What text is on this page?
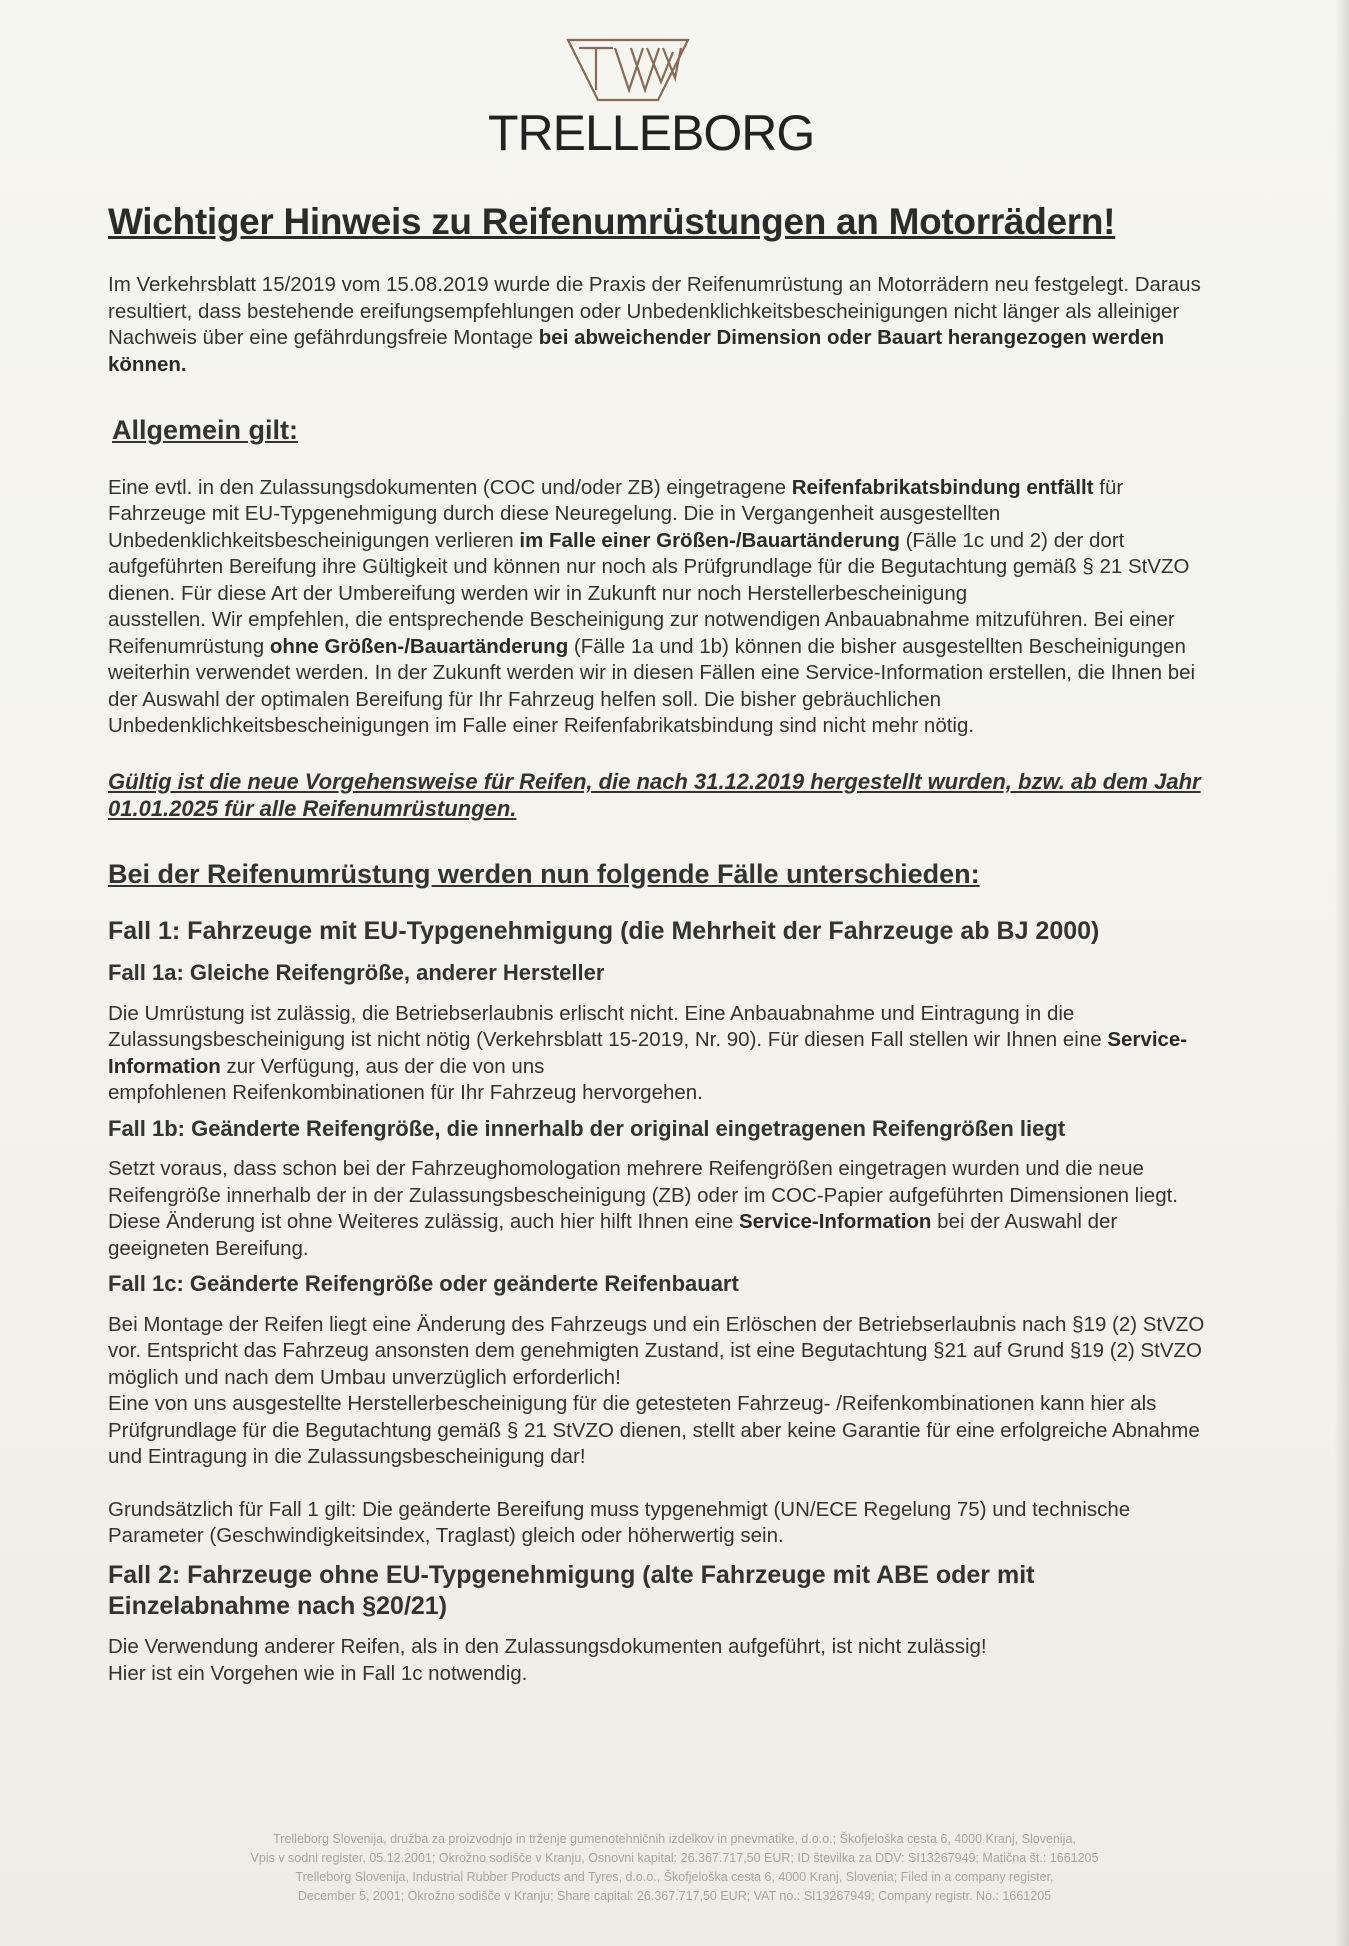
TRELLEBORG
Wichtiger Hinweis zu Reifenumrüstungen an Motorrädern!

Im Verkehrsblatt 15/2019 vom 15.08.2019 wurde die Praxis der Reifenumrüstung an Motorrädern neu festgelegt. Daraus resultiert, dass bestehende ereifungsempfehlungen oder Unbedenklichkeitsbescheinigungen nicht länger als alleiniger Nachweis über eine gefährdungsfreie Montage bei abweichender Dimension oder Bauart herangezogen werden können.

Allgemein gilt:

Eine evtl. in den Zulassungsdokumenten (COC und/oder ZB) eingetragene Reifenfabrikatsbindung entfällt für Fahrzeuge mit EU-Typgenehmigung durch diese Neuregelung. Die in Vergangenheit ausgestellten Unbedenklichkeitsbescheinigungen verlieren im Falle einer Größen-/Bauartänderung (Fälle 1c und 2) der dort aufgeführten Bereifung ihre Gültigkeit und können nur noch als Prüfgrundlage für die Begutachtung gemäß § 21 StVZO dienen. Für diese Art der Umbereifung werden wir in Zukunft nur noch Herstellerbescheinigung
ausstellen. Wir empfehlen, die entsprechende Bescheinigung zur notwendigen Anbauabnahme mitzuführen. Bei einer Reifenumrüstung ohne Größen-/Bauartänderung (Fälle 1a und 1b) können die bisher ausgestellten Bescheinigungen weiterhin verwendet werden. In der Zukunft werden wir in diesen Fällen eine Service-Information erstellen, die Ihnen bei der Auswahl der optimalen Bereifung für Ihr Fahrzeug helfen soll. Die bisher gebräuchlichen Unbedenklichkeitsbescheinigungen im Falle einer Reifenfabrikatsbindung sind nicht mehr nötig.

Gültig ist die neue Vorgehensweise für Reifen, die nach 31.12.2019 hergestellt wurden, bzw. ab dem Jahr 01.01.2025 für alle Reifenumrüstungen.
Bei der Reifenumrüstung werden nun folgende Fälle unterschieden:
Fall 1: Fahrzeuge mit EU-Typgenehmigung (die Mehrheit der Fahrzeuge ab BJ 2000)
Fall 1a: Gleiche Reifengröße, anderer Hersteller

Die Umrüstung ist zulässig, die Betriebserlaubnis erlischt nicht. Eine Anbauabnahme und Eintragung in die Zulassungsbescheinigung ist nicht nötig (Verkehrsblatt 15-2019, Nr. 90). Für diesen Fall stellen wir Ihnen eine Service-Information zur Verfügung, aus der die von uns
empfohlenen Reifenkombinationen für Ihr Fahrzeug hervorgehen.

Fall 1b: Geänderte Reifengröße, die innerhalb der original eingetragenen Reifengrößen liegt

Setzt voraus, dass schon bei der Fahrzeughomologation mehrere Reifengrößen eingetragen wurden und die neue Reifengröße innerhalb der in der Zulassungsbescheinigung (ZB) oder im COC-Papier aufgeführten Dimensionen liegt. Diese Änderung ist ohne Weiteres zulässig, auch hier hilft Ihnen eine Service-Information bei der Auswahl der geeigneten Bereifung.

Fall 1c: Geänderte Reifengröße oder geänderte Reifenbauart

Bei Montage der Reifen liegt eine Änderung des Fahrzeugs und ein Erlöschen der Betriebserlaubnis nach §19 (2) StVZO vor. Entspricht das Fahrzeug ansonsten dem genehmigten Zustand, ist eine Begutachtung §21 auf Grund §19 (2) StVZO möglich und nach dem Umbau unverzüglich erforderlich!
Eine von uns ausgestellte Herstellerbescheinigung für die getesteten Fahrzeug- /Reifenkombinationen kann hier als Prüfgrundlage für die Begutachtung gemäß § 21 StVZO dienen, stellt aber keine Garantie für eine erfolgreiche Abnahme und Eintragung in die Zulassungsbescheinigung dar!

Grundsätzlich für Fall 1 gilt: Die geänderte Bereifung muss typgenehmigt (UN/ECE Regelung 75) und technische Parameter (Geschwindigkeitsindex, Traglast) gleich oder höherwertig sein.

Fall 2: Fahrzeuge ohne EU-Typgenehmigung (alte Fahrzeuge mit ABE oder mit Einzelabnahme nach §20/21)

Die Verwendung anderer Reifen, als in den Zulassungsdokumenten aufgeführt, ist nicht zulässig!
Hier ist ein Vorgehen wie in Fall 1c notwendig.

Trelleborg Slovenija, družba za proizvodnjo in trženje gumenotehničnih izdelkov in pnevmatike, d.o.o.; Škofjeloška cesta 6, 4000 Kranj, Slovenija,
Vpis v sodni register, 05.12.2001; Okrožno sodišče v Kranju, Osnovni kapital: 26.367.717,50 EUR; ID številka za DDV: SI13267949; Matična št.: 1661205
Trelleborg Slovenija, Industrial Rubber Products and Tyres, d.o.o., Škofjeloška cesta 6, 4000 Kranj, Slovenia; Filed in a company register,
December 5, 2001; Okrožno sodišče v Kranju; Share capital: 26.367.717,50 EUR; VAT no.: SI13267949; Company registr. No.: 1661205
